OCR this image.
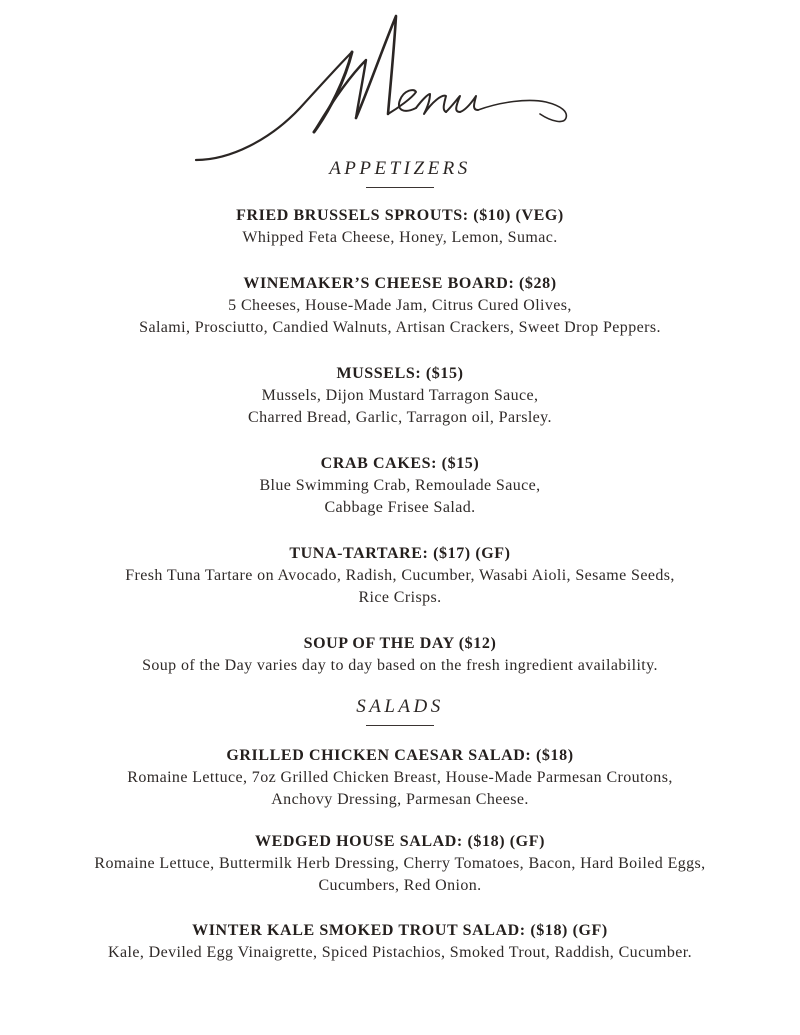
APPETIZERS
FRIED BRUSSELS SPROUTS: ($10) (VEG)
Whipped Feta Cheese, Honey, Lemon, Sumac.
WINEMAKER’S CHEESE BOARD: ($28)
5 Cheeses, House-Made Jam, Citrus Cured Olives,
Salami, Prosciutto, Candied Walnuts, Artisan Crackers, Sweet Drop Peppers.
MUSSELS: ($15)
Mussels, Dijon Mustard Tarragon Sauce,
Charred Bread, Garlic, Tarragon oil, Parsley.
CRAB CAKES: ($15)
Blue Swimming Crab, Remoulade Sauce,
Cabbage Frisee Salad.
TUNA-TARTARE: ($17) (GF)
Fresh Tuna Tartare on Avocado, Radish, Cucumber, Wasabi Aioli, Sesame Seeds,
Rice Crisps.
SOUP OF THE DAY ($12)
Soup of the Day varies day to day based on the fresh ingredient availability.
SALADS
GRILLED CHICKEN CAESAR SALAD: ($18)
Romaine Lettuce, 7oz Grilled Chicken Breast, House-Made Parmesan Croutons,
Anchovy Dressing, Parmesan Cheese.
WEDGED HOUSE SALAD: ($18) (GF)
Romaine Lettuce, Buttermilk Herb Dressing, Cherry Tomatoes, Bacon, Hard Boiled Eggs,
Cucumbers, Red Onion.
WINTER KALE SMOKED TROUT SALAD: ($18) (GF)
Kale, Deviled Egg Vinaigrette, Spiced Pistachios, Smoked Trout, Raddish, Cucumber.
